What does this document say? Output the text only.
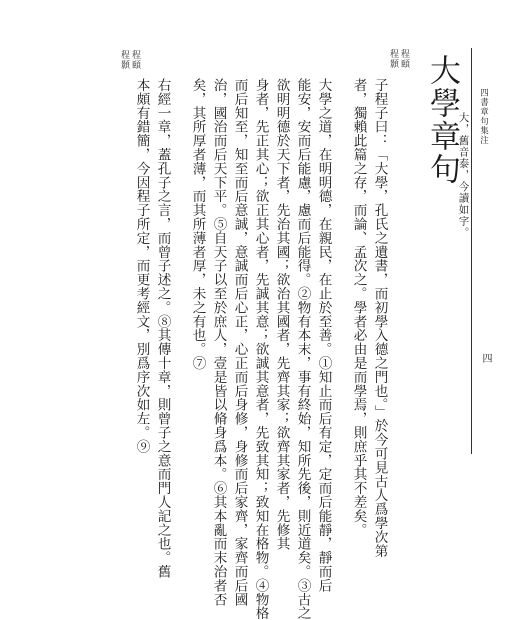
四書章句集注
四
大學章句
大，舊音泰，今讀如字。
程頤
程顥
程頤
程顥
子程子曰：「大學，孔氏之遺書，而初學入德之門也。」於今可見古人爲學次第
者，獨賴此篇之存，而論、孟次之。學者必由是而學焉，則庶乎其不差矣。
大學之道，在明明德，在親民，在止於至善。①知止而后有定，定而后能靜，靜而后
能安，安而后能慮，慮而后能得。②物有本末，事有終始，知所先後，則近道矣。③古之
欲明明德於天下者，先治其國；欲治其國者，先齊其家；欲齊其家者，先修其
身者，先正其心；欲正其心者，先誠其意；欲誠其意者，先致其知；致知在格物。④物格
而后知至，知至而后意誠，意誠而后心正，心正而后身修，身修而后家齊，家齊而后國
治，國治而后天下平。⑤自天子以至於庶人，壹是皆以脩身爲本。⑥其本亂而末治者否
矣，其所厚者薄，而其所薄者厚，未之有也。⑦
右經一章，蓋孔子之言，而曾子述之。⑧其傳十章，則曾子之意而門人記之也。舊
本頗有錯簡，今因程子所定，而更考經文，別爲序次如左。⑨
